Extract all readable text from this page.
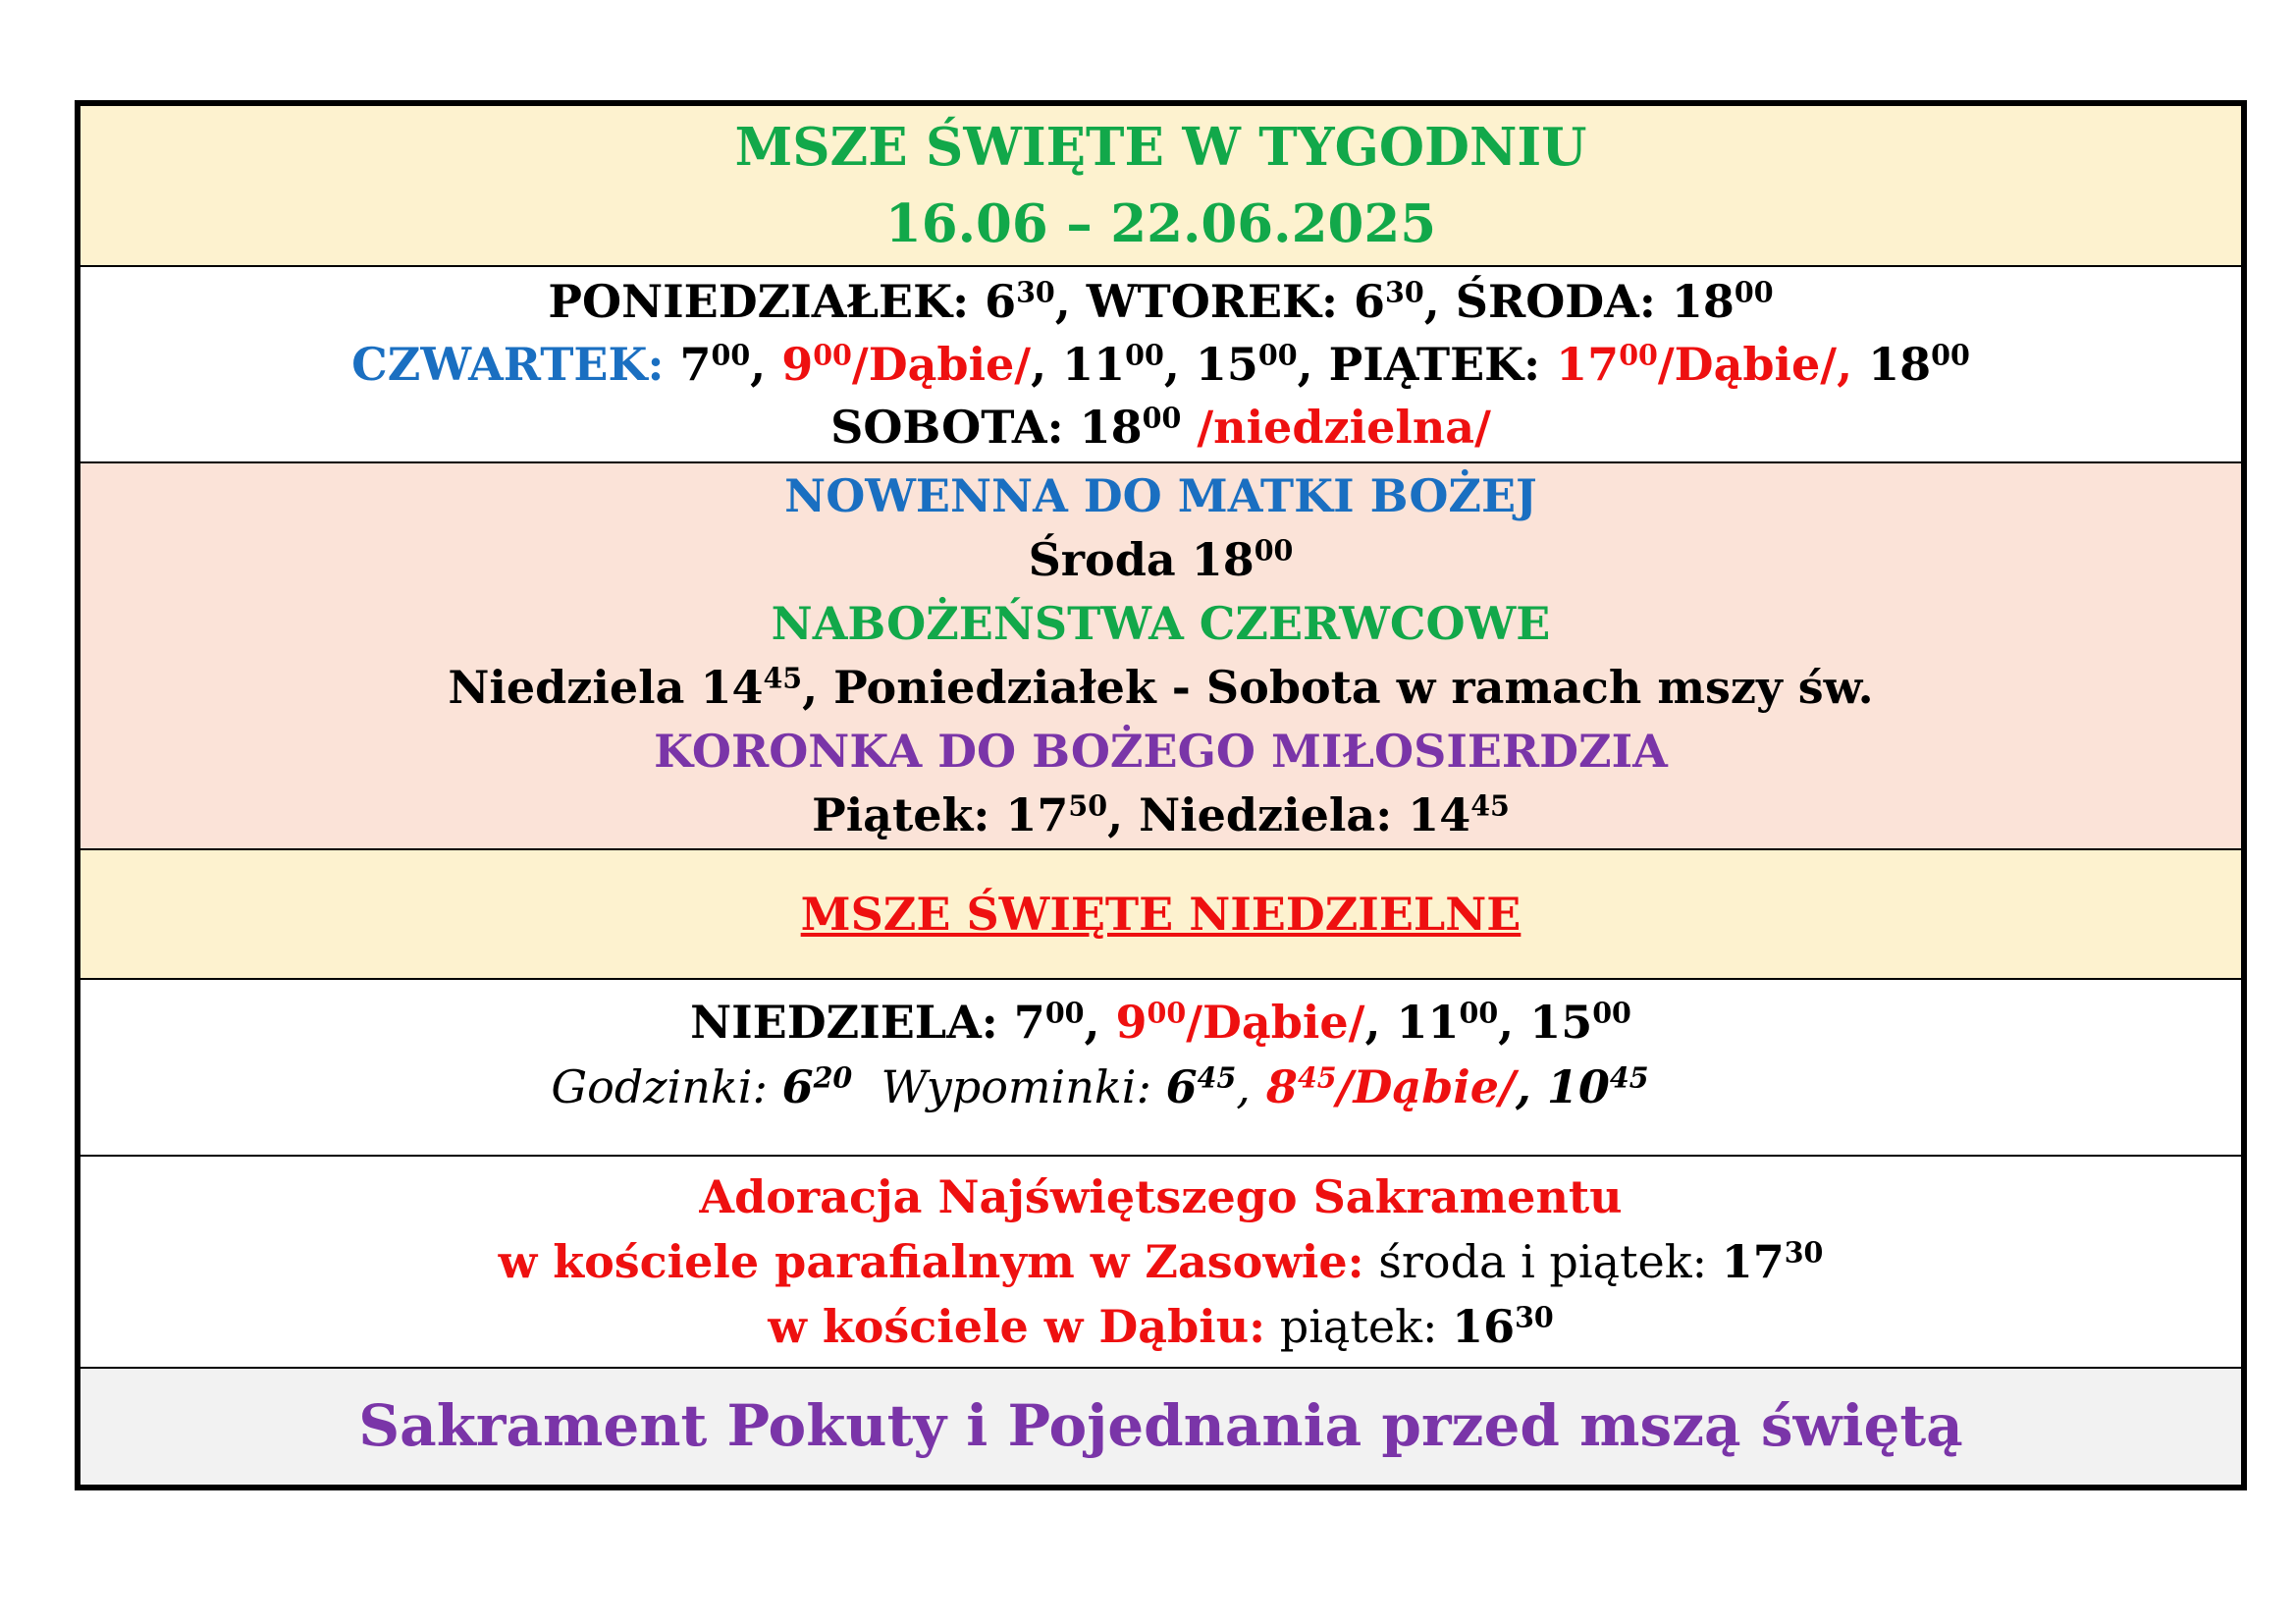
MSZE ŚWIĘTE W TYGODNIU
16.06 – 22.06.2025
PONIEDZIAŁEK: $6^{30}$, WTOREK: $6^{30}$, ŚRODA: $18^{00}$
CZWARTEK: $7^{00}$, $9^{00}/Dąbie/$, $11^{00}$, $15^{00}$, PIĄTEK: $17^{00}/Dąbie/$, $18^{00}$
SOBOTA: $18^{00}$ /niedzielna/
NOWENNA DO MATKI BOŻEJ
Środa $18^{00}$
NABOŻEŃSTWA CZERWCOWE
Niedziela $14^{45}$, Poniedziałek - Sobota w ramach mszy św.
KORONKA DO BOŻEGO MIŁOSIERDZIA
Piątek: $17^{50}$, Niedziela: $14^{45}$
MSZE ŚWIĘTE NIEDZIELNE
NIEDZIELA: $7^{00}$, $9^{00}/Dąbie/$, $11^{00}$, $15^{00}$
Godzinki: $6^{20}$  Wypominki: $6^{45}$, $8^{45}/Dąbie/$, $10^{45}$
Adoracja Najświętszego Sakramentu
w kościele parafialnym w Zasowie: środa i piątek: $17^{30}$
w kościele w Dąbiu: piątek: $16^{30}$
Sakrament Pokuty i Pojednania przed mszą świętą
